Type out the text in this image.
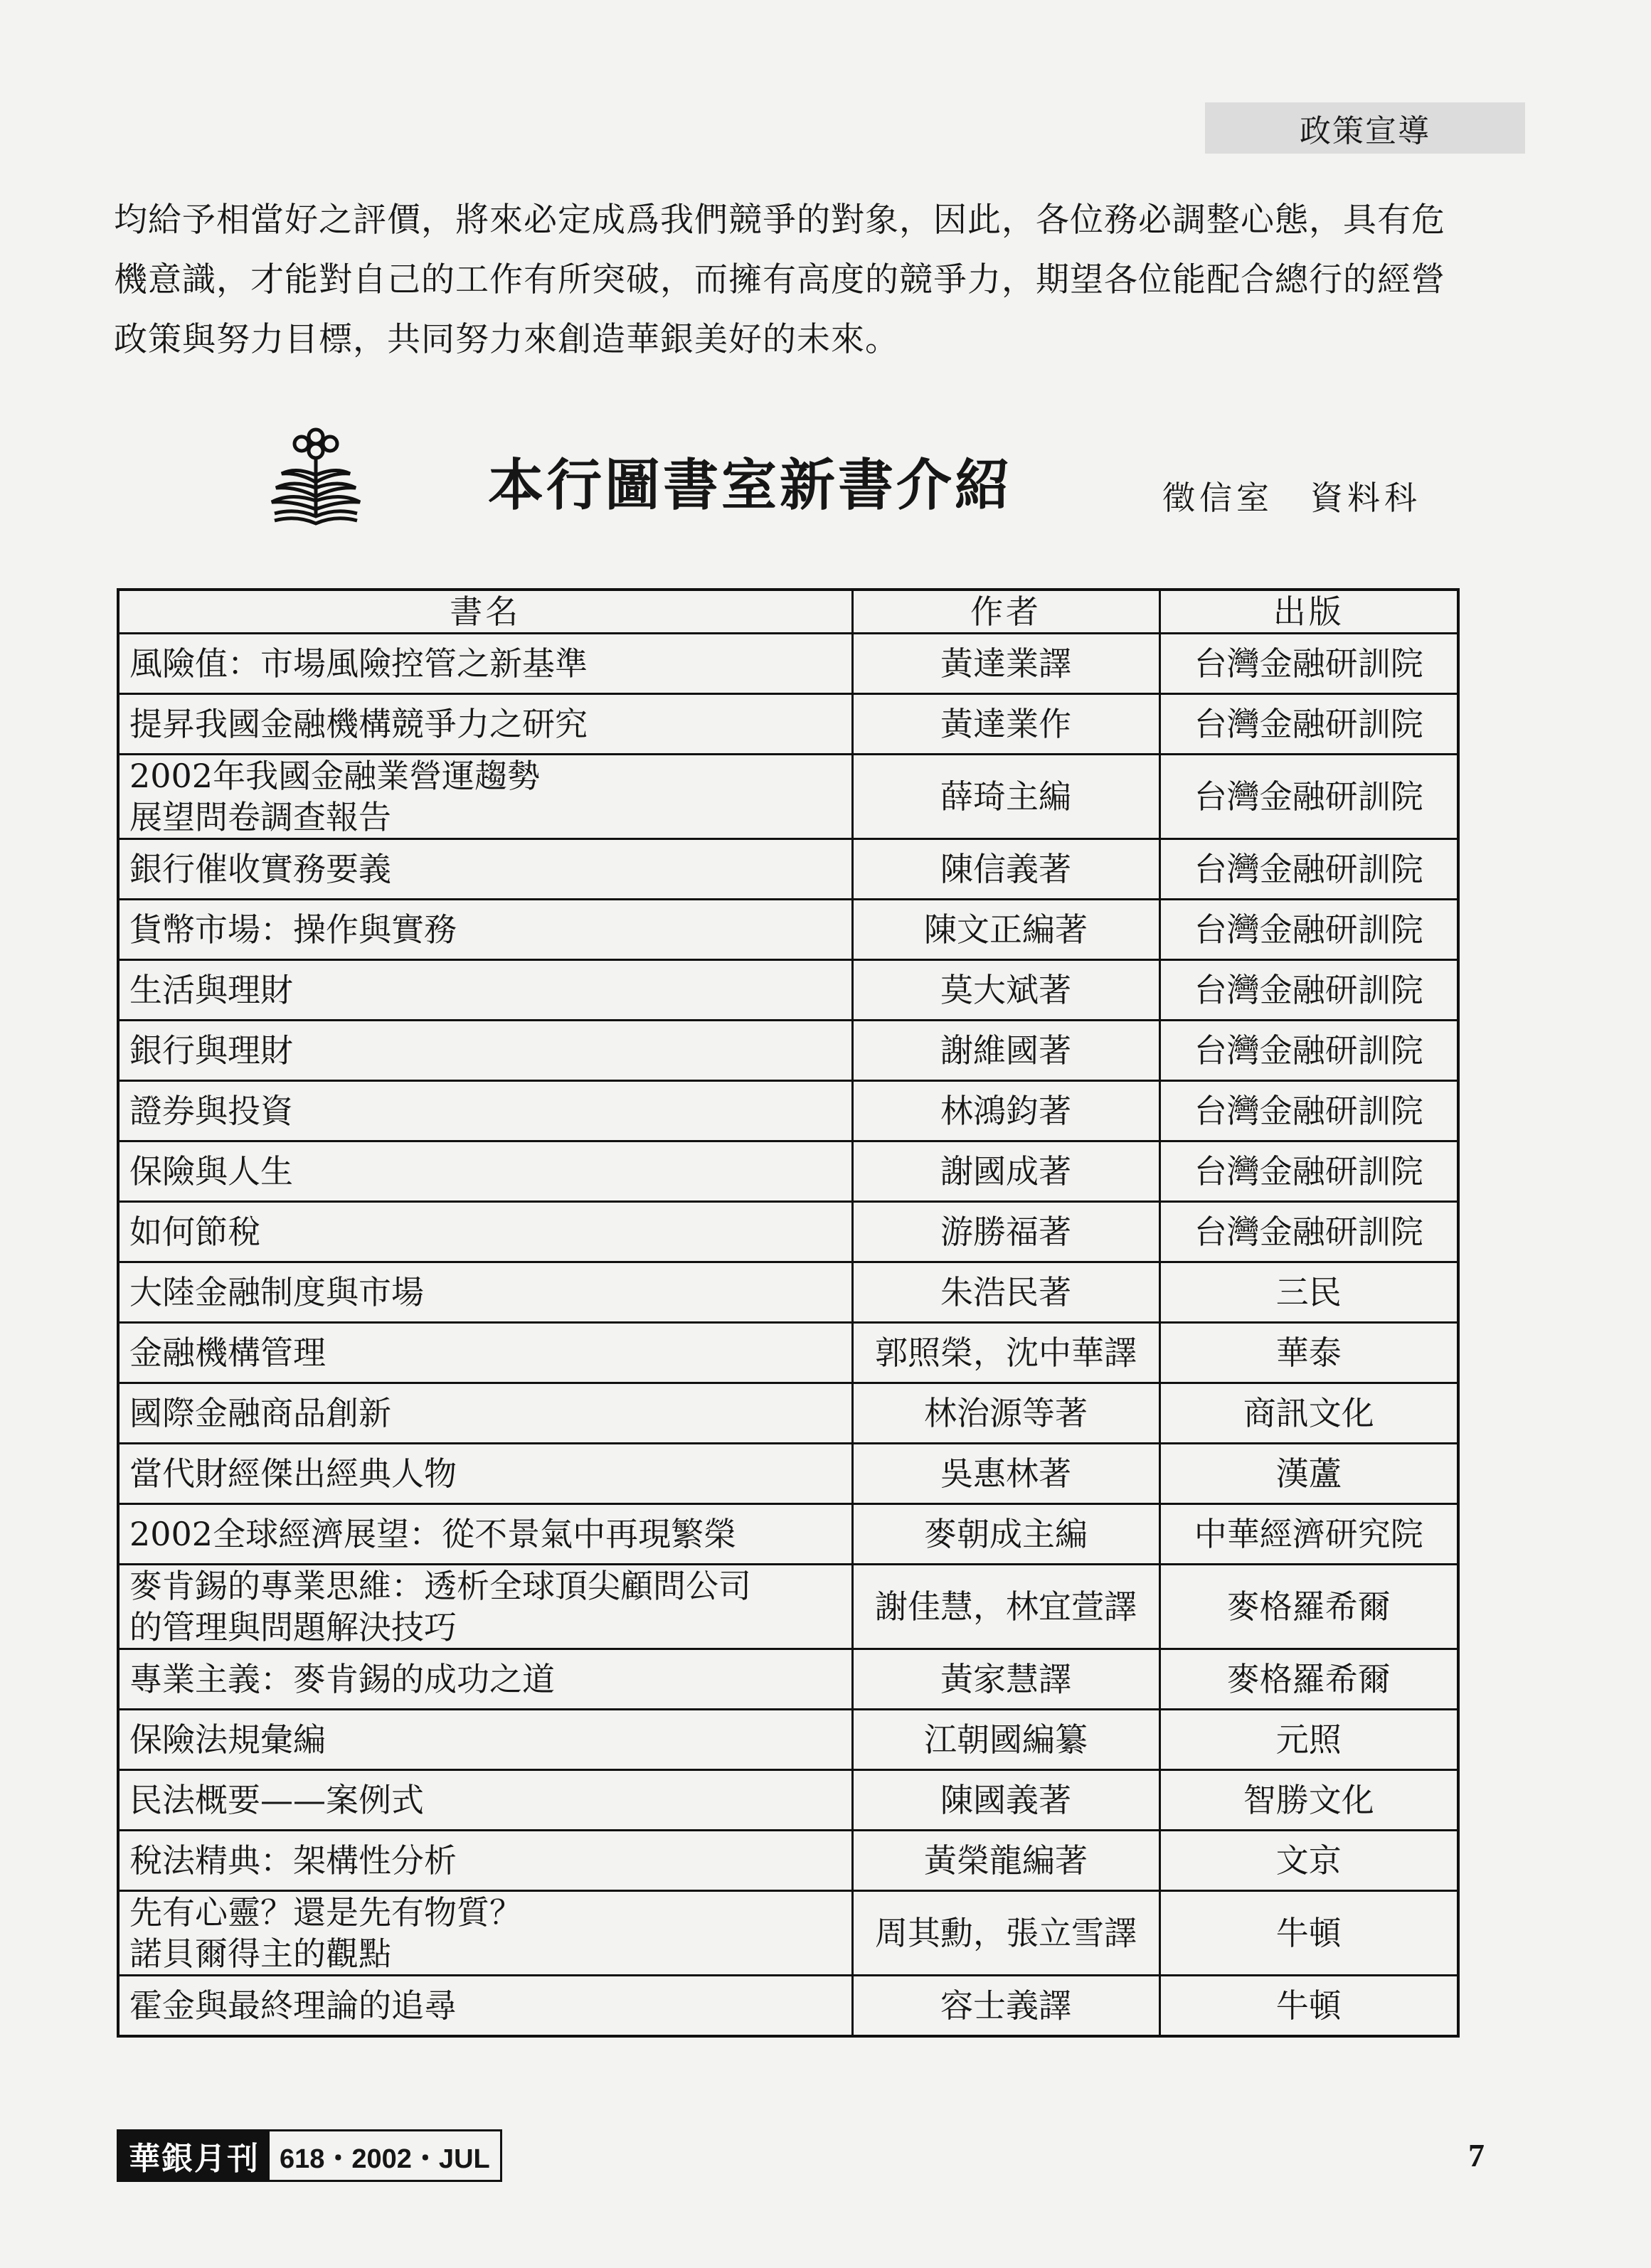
政策宣導

均給予相當好之評價，將來必定成爲我們競爭的對象，因此，各位務必調整心態，具有危

機意識，才能對自己的工作有所突破，而擁有高度的競爭力，期望各位能配合總行的經營

政策與努力目標，共同努力來創造華銀美好的未來。

本行圖書室新書介紹	徵信室 資料科
書名	作者	出版

風險值：市場風險控管之新基準	黃達業譯	台灣金融研訓院

提昇我國金融機構競爭力之研究	黃達業作	台灣金融研訓院

2002年我國金融業營運趨勢
展望問卷調查報告	薛琦主編	台灣金融研訓院

銀行催收實務要義	陳信義著	台灣金融研訓院

貨幣市場：操作與實務	陳文正編著	台灣金融研訓院

生活與理財	莫大斌著	台灣金融研訓院

銀行與理財	謝維國著	台灣金融研訓院

證券與投資	林鴻鈞著	台灣金融研訓院

保險與人生	謝國成著	台灣金融研訓院

如何節稅	游勝福著	台灣金融研訓院

大陸金融制度與市場	朱浩民著	三民

金融機構管理	郭照榮，沈中華譯	華泰

國際金融商品創新	林治源等著	商訊文化

當代財經傑出經典人物	吳惠林著	漢蘆

2002全球經濟展望：從不景氣中再現繁榮	麥朝成主編	中華經濟研究院

麥肯錫的專業思維：透析全球頂尖顧問公司
的管理與問題解決技巧	謝佳慧，林宜萱譯	麥格羅希爾

專業主義：麥肯錫的成功之道	黃家慧譯	麥格羅希爾

保險法規彙編	江朝國編纂	元照

民法概要——案例式	陳國義著	智勝文化

稅法精典：架構性分析	黃榮龍編著	文京

先有心靈？還是先有物質？
諾貝爾得主的觀點	周其勳，張立雪譯	牛頓

霍金與最終理論的追尋	容士義譯	牛頓
華銀月刊 618・2002・JUL	7
